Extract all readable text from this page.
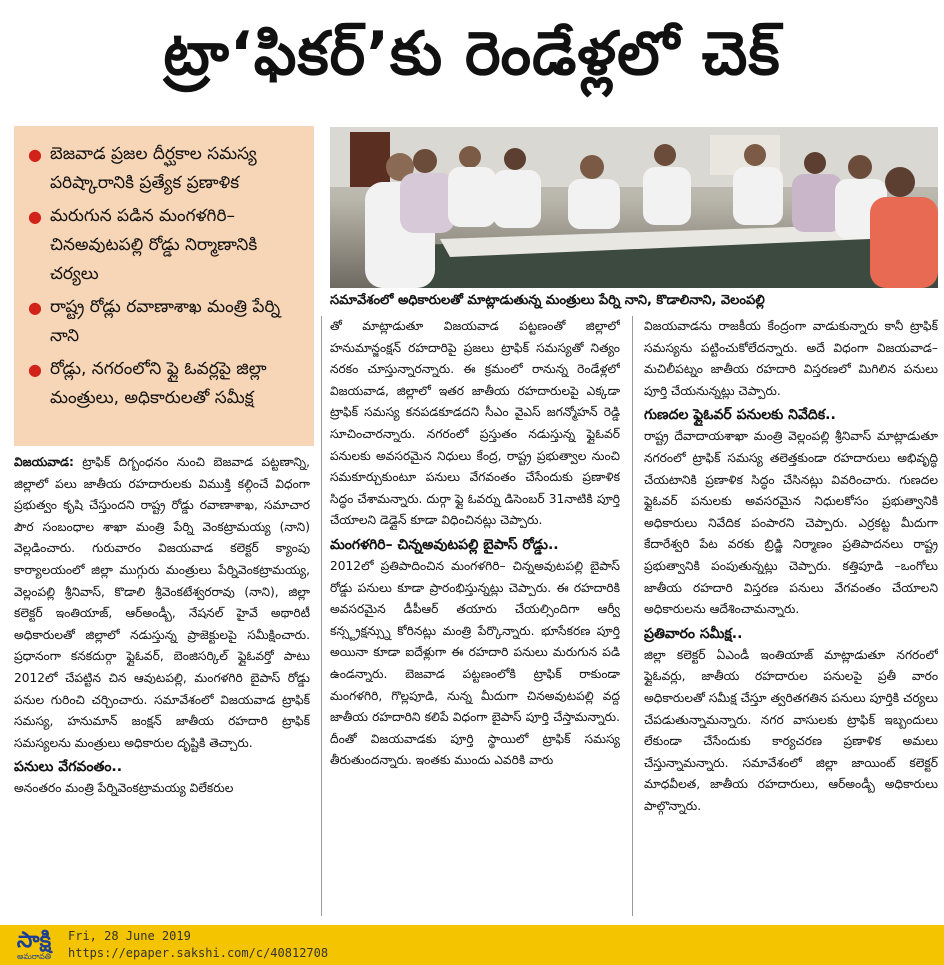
ట్రా‘ఫికర్’కు రెండేళ్లలో చెక్
● బెజవాడ ప్రజల దీర్ఘకాల సమస్య పరిష్కారానికి ప్రత్యేక ప్రణాళిక
● మరుగున పడిన మంగళగిరి– చినఅవుటపల్లి రోడ్డు నిర్మాణానికి చర్యలు
● రాష్ట్ర రోడ్లు రవాణాశాఖ మంత్రి పేర్ని నాని
● రోడ్లు, నగరంలోని ఫ్లై ఓవర్లపై జిల్లా మంత్రులు, అధికారులతో సమీక్ష
సమావేశంలో అధికారులతో మాట్లాడుతున్న మంత్రులు పేర్ని నాని, కొడాలినాని, వెలంపల్లి

విజయవాడ: ట్రాఫిక్ దిగ్బంధనం నుంచి బెజవాడ పట్టణాన్ని, జిల్లాలో పలు జాతీయ రహదారులకు విముక్తి కల్గించే విధంగా ప్రభుత్వం కృషి చేస్తుందని రాష్ట్ర రోడ్డు రవాణాశాఖ, సమాచార పౌర సంబంధాల శాఖా మంత్రి పేర్ని వెంకట్రామయ్య (నాని) వెల్లడించారు. గురువారం విజయవాడ కలెక్టర్ క్యాంపు కార్యాలయంలో జిల్లా ముగ్గురు మంత్రులు పేర్నివెంకట్రామయ్య, వెల్లంపల్లి శ్రీనివాస్, కొడాలి శ్రీవెంకటేశ్వరరావు (నాని), జిల్లా కలెక్టర్ ఇంతియాజ్, ఆర్అండ్బీ, నేషనల్ హైవే అథారిటీ అధికారులతో జిల్లాలో నడుస్తున్న ప్రాజెక్టులపై సమీక్షించారు. ప్రధానంగా కనకదుర్గా ఫ్లైఓవర్, బెంజిసర్కిల్ ఫ్లైఓవర్తో పాటు 2012లో చేపట్టిన చిన ఆవుటపల్లి, మంగళగిరి బైపాస్ రోడ్డు పనుల గురించి చర్చించారు. సమావేశంలో విజయవాడ ట్రాఫిక్ సమస్య, హనుమాన్ జంక్షన్ జాతీయ రహదారి ట్రాఫిక్ సమస్యలను మంత్రులు అధికారుల దృష్టికి తెచ్చారు.

పనులు వేగవంతం..

అనంతరం మంత్రి పేర్నివెంకట్రామయ్య విలేకరుల

తో మాట్లాడుతూ విజయవాడ పట్టణంతో జిల్లాలో హనుమాన్జంక్షన్ రహదారిపై ప్రజలు ట్రాఫిక్ సమస్యతో నిత్యం నరకం చూస్తున్నారన్నారు. ఈ క్రమంలో రానున్న రెండేళ్లలో విజయవాడ, జిల్లాలో ఇతర జాతీయ రహదారులపై ఎక్కడా ట్రాఫిక్ సమస్య కనపడకూడదని సీఎం వైఎస్ జగన్మోహన్ రెడ్డి సూచించారన్నారు. నగరంలో ప్రస్తుతం నడుస్తున్న ఫ్లైఓవర్ పనులకు అవసరమైన నిధులు కేంద్ర, రాష్ట్ర ప్రభుత్వాల నుంచి సమకూర్చుకుంటూ పనులు వేగవంతం చేసేందుకు ప్రణాళిక సిద్ధం చేశామన్నారు. దుర్గా ఫ్లై ఓవర్ను డిసెంబర్ 31నాటికి పూర్తి చేయాలని డెడ్లైన్ కూడా విధించినట్లు చెప్పారు.

మంగళగిరి– చిన్నఅవుటపల్లి బైపాస్ రోడ్డు..

2012లో ప్రతిపాదించిన మంగళగిరి– చిన్నఅవుటపల్లి బైపాస్ రోడ్డు పనులు కూడా ప్రారంభిస్తున్నట్లు చెప్పారు. ఈ రహదారికి అవసరమైన డీపీఆర్ తయారు చేయల్సిందిగా ఆర్వీ కన్స్ట్రక్షన్స్ను కోరినట్లు మంత్రి పేర్కొన్నారు. భూసేకరణ పూర్తి అయినా కూడా ఐదేళ్లుగా ఈ రహదారి పనులు మరుగున పడి ఉండన్నారు. బెజవాడ పట్టణంలోకి ట్రాఫిక్ రాకుండా మంగళగిరి, గొల్లపూడి, నున్న మీదుగా చినఅవుటపల్లి వద్ద జాతీయ రహదారిని కలిపే విధంగా బైపాస్ పూర్తి చేస్తామన్నారు. దీంతో విజయవాడకు పూర్తి స్థాయిలో ట్రాఫిక్ సమస్య తీరుతుందన్నారు. ఇంతకు ముందు ఎవరికి వారు

విజయవాడను రాజకీయ కేంద్రంగా వాడుకున్నారు కానీ ట్రాఫిక్ సమస్యను పట్టించుకోలేదన్నారు. అదే విధంగా విజయవాడ–మచిలీపట్నం జాతీయ రహదారి విస్తరణలో మిగిలిన పనులు పూర్తి చేయనున్నట్లు చెప్పారు.

గుణదల ఫ్లైఓవర్ పనులకు నివేదిక..

రాష్ట్ర దేవాదాయశాఖా మంత్రి వెల్లంపల్లి శ్రీనివాస్ మాట్లాడుతూ నగరంలో ట్రాఫిక్ సమస్య తలెత్తకుండా రహదారులు అభివృద్ధి చేయటానికి ప్రణాళిక సిద్ధం చేసినట్లు వివరించారు. గుణదల ఫ్లైఓవర్ పనులకు అవసరమైన నిధులకోసం ప్రభుత్వానికి అధికారులు నివేదిక పంపారని చెప్పారు. ఎర్రకట్ట మీదుగా కేదారేశ్వరి పేట వరకు బ్రిడ్జి నిర్మాణం ప్రతిపాదనలు రాష్ట్ర ప్రభుత్వానికి పంపుతున్నట్లు చెప్పారు. కత్తిపూడి –ఒంగోలు జాతీయ రహదారి విస్తరణ పనులు వేగవంతం చేయాలని అధికారులను ఆదేశించామన్నారు.

ప్రతివారం సమీక్ష..

జిల్లా కలెక్టర్ ఏఎండీ ఇంతియాజ్ మాట్లాడుతూ నగరంలో ఫ్లైఓవర్లు, జాతీయ రహదారుల పనులపై ప్రతీ వారం అధికారులతో సమీక్ష చేస్తూ త్వరితగతిన పనులు పూర్తికి చర్యలు చేపడుతున్నామన్నారు. నగర వాసులకు ట్రాఫిక్ ఇబ్బందులు లేకుండా చేసేందుకు కార్యచరణ ప్రణాళిక అమలు చేస్తున్నామన్నారు. సమావేశంలో జిల్లా జాయింట్ కలెక్టర్ మాధవీలత, జాతీయ రహదారులు, ఆర్అండ్బీ అధికారులు పాల్గొన్నారు.

సాక్షి
అమరావతి
Fri, 28 June 2019
https://epaper.sakshi.com/c/40812708
